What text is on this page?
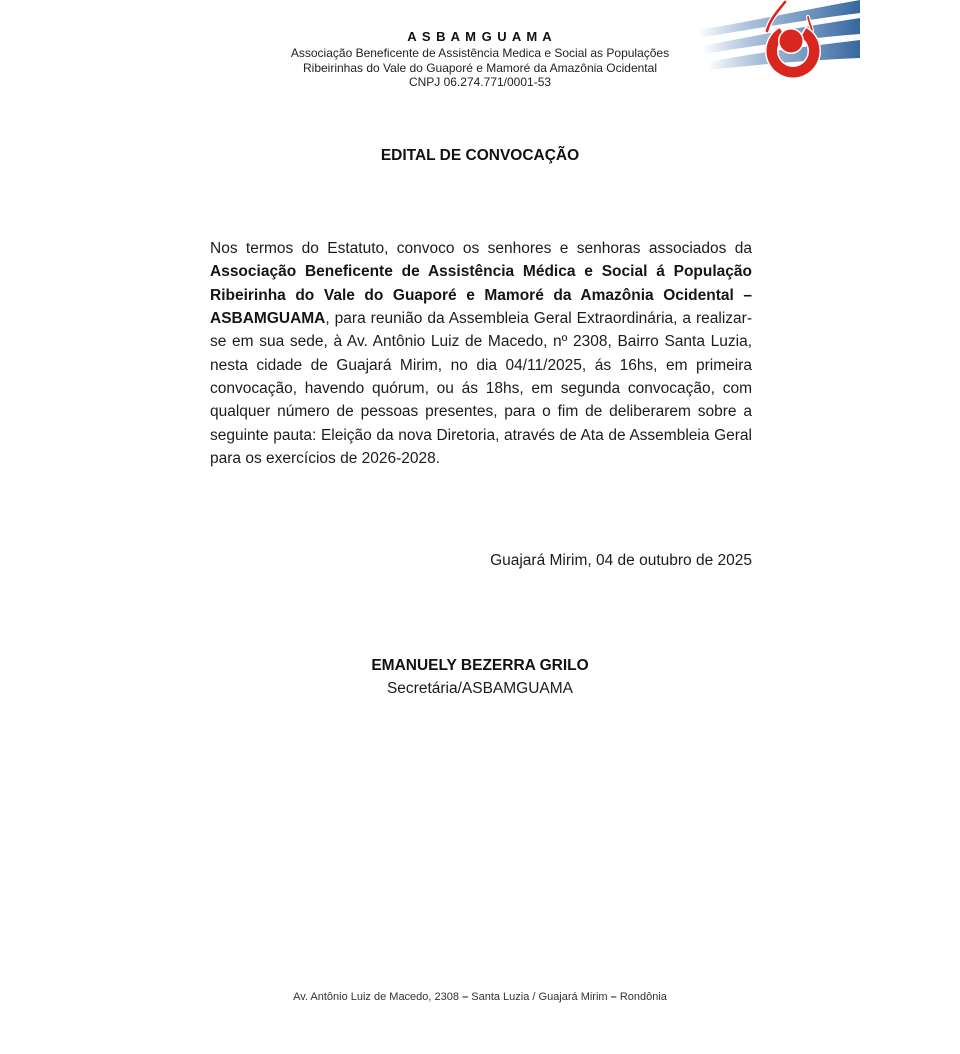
A S B A M G U A M A
Associação Beneficente de Assistência Medica e Social as Populações
Ribeirinhas do Vale do Guaporé e Mamoré da Amazônia Ocidental
CNPJ 06.274.771/0001-53
EDITAL DE CONVOCAÇÃO

Nos termos do Estatuto, convoco os senhores e senhoras associados da Associação Beneficente de Assistência Médica e Social á População Ribeirinha do Vale do Guaporé e Mamoré da Amazônia Ocidental – ASBAMGUAMA, para reunião da Assembleia Geral Extraordinária, a realizar-se em sua sede, à Av. Antônio Luiz de Macedo, nº 2308, Bairro Santa Luzia, nesta cidade de Guajará Mirim, no dia 04/11/2025, ás 16hs, em primeira convocação, havendo quórum, ou ás 18hs, em segunda convocação, com qualquer número de pessoas presentes, para o fim de deliberarem sobre a seguinte pauta: Eleição da nova Diretoria, através de Ata de Assembleia Geral para os exercícios de 2026-2028.

Guajará Mirim, 04 de outubro de 2025
EMANUELY BEZERRA GRILO
Secretária/ASBAMGUAMA
Av. Antônio Luiz de Macedo, 2308 – Santa Luzia / Guajará Mirim – Rondônia
